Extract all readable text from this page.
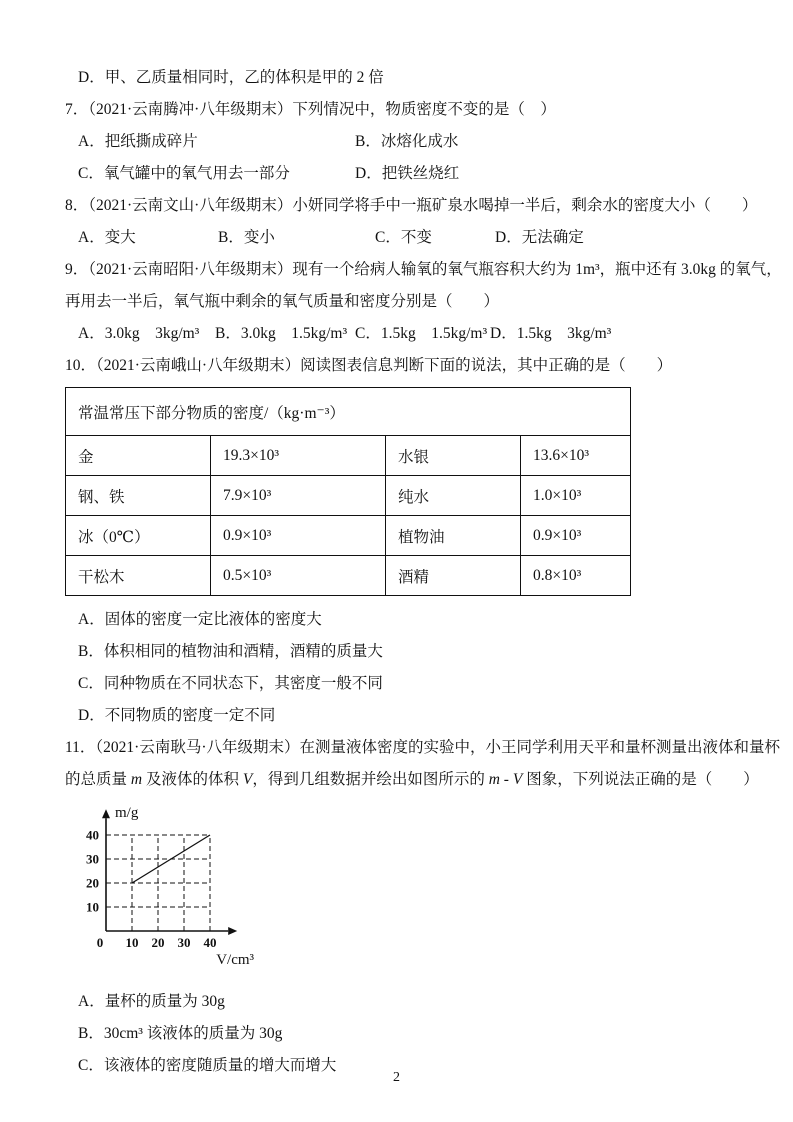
D．甲、乙质量相同时，乙的体积是甲的 2 倍
7．（2021·云南腾冲·八年级期末）下列情况中，物质密度不变的是（　）
A．把纸撕成碎片	B．冰熔化成水
C．氧气罐中的氧气用去一部分	D．把铁丝烧红
8．（2021·云南文山·八年级期末）小妍同学将手中一瓶矿泉水喝掉一半后，剩余水的密度大小（　　）
A．变大	B．变小	C．不变	D．无法确定
9．（2021·云南昭阳·八年级期末）现有一个给病人输氧的氧气瓶容积大约为 1m³，瓶中还有 3.0kg 的氧气，
再用去一半后，氧气瓶中剩余的氧气质量和密度分别是（　　）
A．3.0kg　3kg/m³	B．3.0kg　1.5kg/m³ C．1.5kg　1.5kg/m³ D．1.5kg　3kg/m³
10．（2021·云南峨山·八年级期末）阅读图表信息判断下面的说法，其中正确的是（　　）
常温常压下部分物质的密度/（kg·m⁻³）			
金	19.3×10³	水银	13.6×10³
钢、铁	7.9×10³	纯水	1.0×10³
冰（0℃）	0.9×10³	植物油	0.9×10³
干松木	0.5×10³	酒精	0.8×10³
A．固体的密度一定比液体的密度大
B．体积相同的植物油和酒精，酒精的质量大
C．同种物质在不同状态下，其密度一般不同
D．不同物质的密度一定不同
11．（2021·云南耿马·八年级期末）在测量液体密度的实验中，小王同学利用天平和量杯测量出液体和量杯
的总质量 m 及液体的体积 V，得到几组数据并绘出如图所示的 m - V 图象，下列说法正确的是（　　）
0 10 20 30 40
10
20
30
40
m/g
V/cm³
A．量杯的质量为 30g
B．30cm³ 该液体的质量为 30g
C．该液体的密度随质量的增大而增大
2
